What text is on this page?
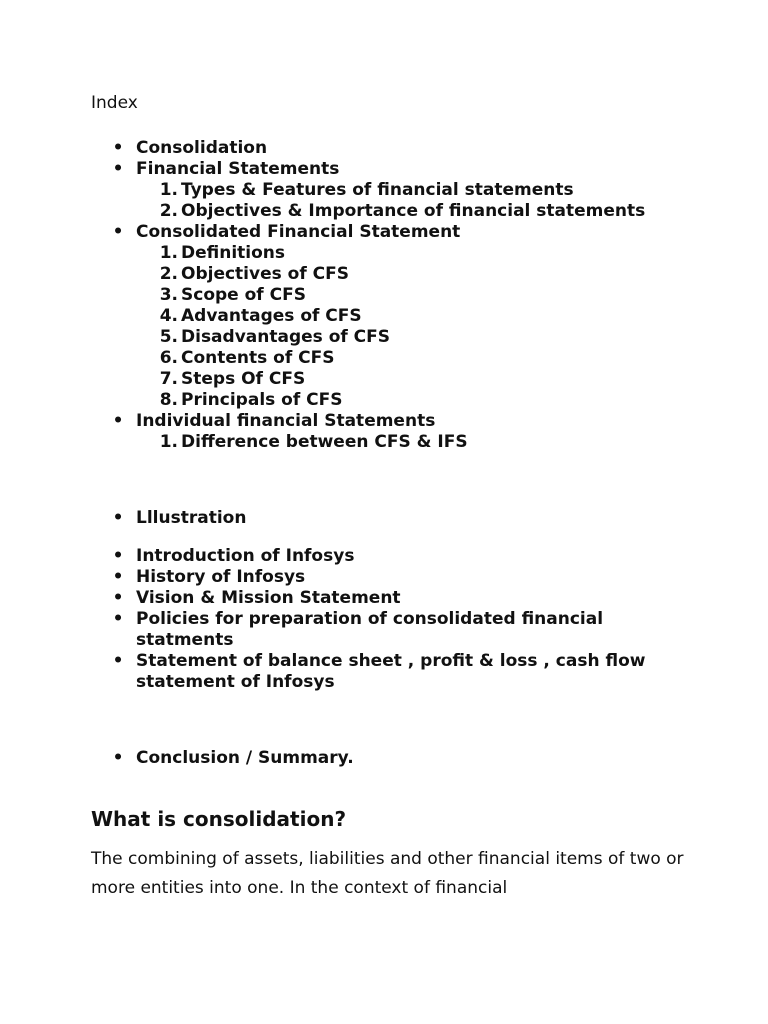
Index

• Consolidation
• Financial Statements
1. Types & Features of financial statements
2. Objectives & Importance of financial statements
• Consolidated Financial Statement
1. Definitions
2. Objectives of CFS
3. Scope of CFS
4. Advantages of CFS
5. Disadvantages of CFS
6. Contents of CFS
7. Steps Of CFS
8. Principals of CFS
• Individual financial Statements
1. Difference between CFS & IFS
• Lllustration
• Introduction of Infosys
• History of Infosys
• Vision & Mission Statement
• Policies for preparation of consolidated financial statments
• Statement of balance sheet , profit & loss , cash flow statement of Infosys
• Conclusion / Summary.
What is consolidation?

The combining of assets, liabilities and other financial items of two or more entities into one. In the context of financial
